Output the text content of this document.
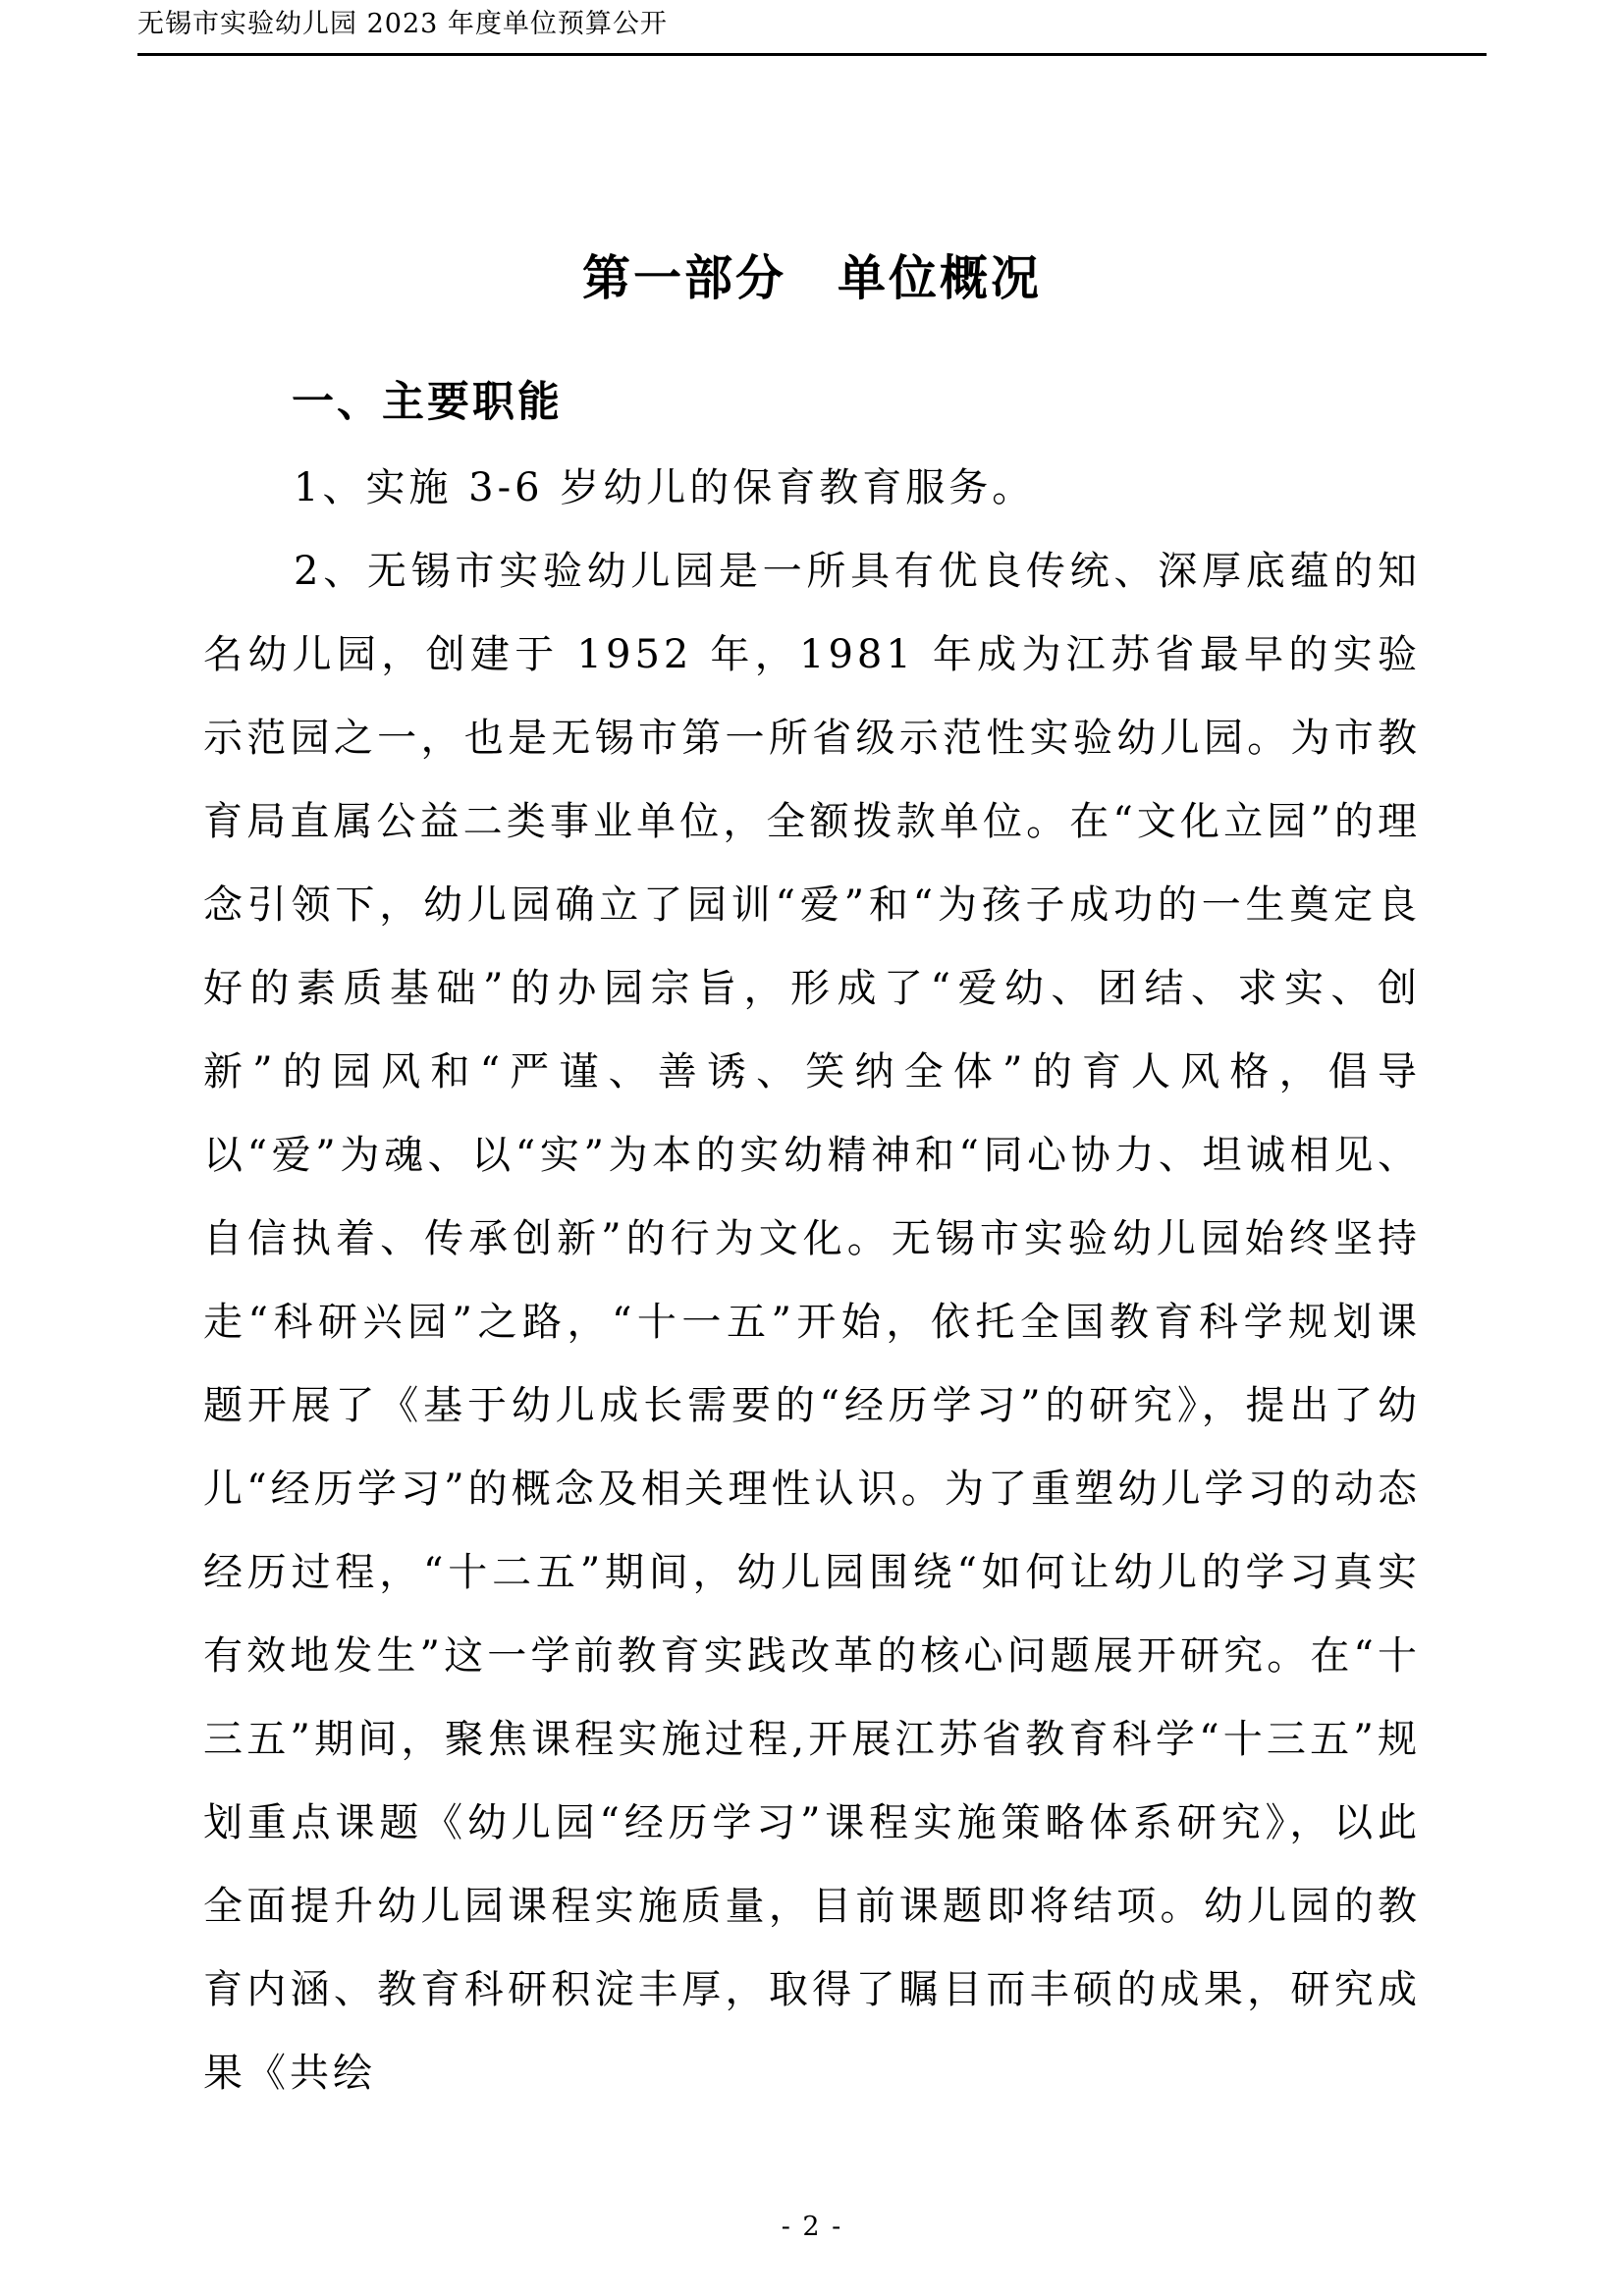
无锡市实验幼儿园 2023 年度单位预算公开
第一部分　单位概况
一、主要职能
1、实施 3-6 岁幼儿的保育教育服务。
2、无锡市实验幼儿园是一所具有优良传统、深厚底蕴的知名幼儿园，创建于 1952 年，1981 年成为江苏省最早的实验示范园之一，也是无锡市第一所省级示范性实验幼儿园。为市教育局直属公益二类事业单位，全额拨款单位。在“文化立园”的理念引领下，幼儿园确立了园训“爱”和“为孩子成功的一生奠定良好的素质基础”的办园宗旨，形成了“爱幼、团结、求实、创新”的园风和“严谨、善诱、笑纳全体”的育人风格，倡导以“爱”为魂、以“实”为本的实幼精神和“同心协力、坦诚相见、自信执着、传承创新”的行为文化。无锡市实验幼儿园始终坚持走“科研兴园”之路，“十一五”开始，依托全国教育科学规划课题开展了《基于幼儿成长需要的“经历学习”的研究》，提出了幼儿“经历学习”的概念及相关理性认识。为了重塑幼儿学习的动态经历过程，“十二五”期间，幼儿园围绕“如何让幼儿的学习真实有效地发生”这一学前教育实践改革的核心问题展开研究。在“十三五”期间，聚焦课程实施过程,开展江苏省教育科学“十三五”规划重点课题《幼儿园“经历学习”课程实施策略体系研究》，以此全面提升幼儿园课程实施质量，目前课题即将结项。幼儿园的教育内涵、教育科研积淀丰厚，取得了瞩目而丰硕的成果，研究成果《共绘
- 2 -
